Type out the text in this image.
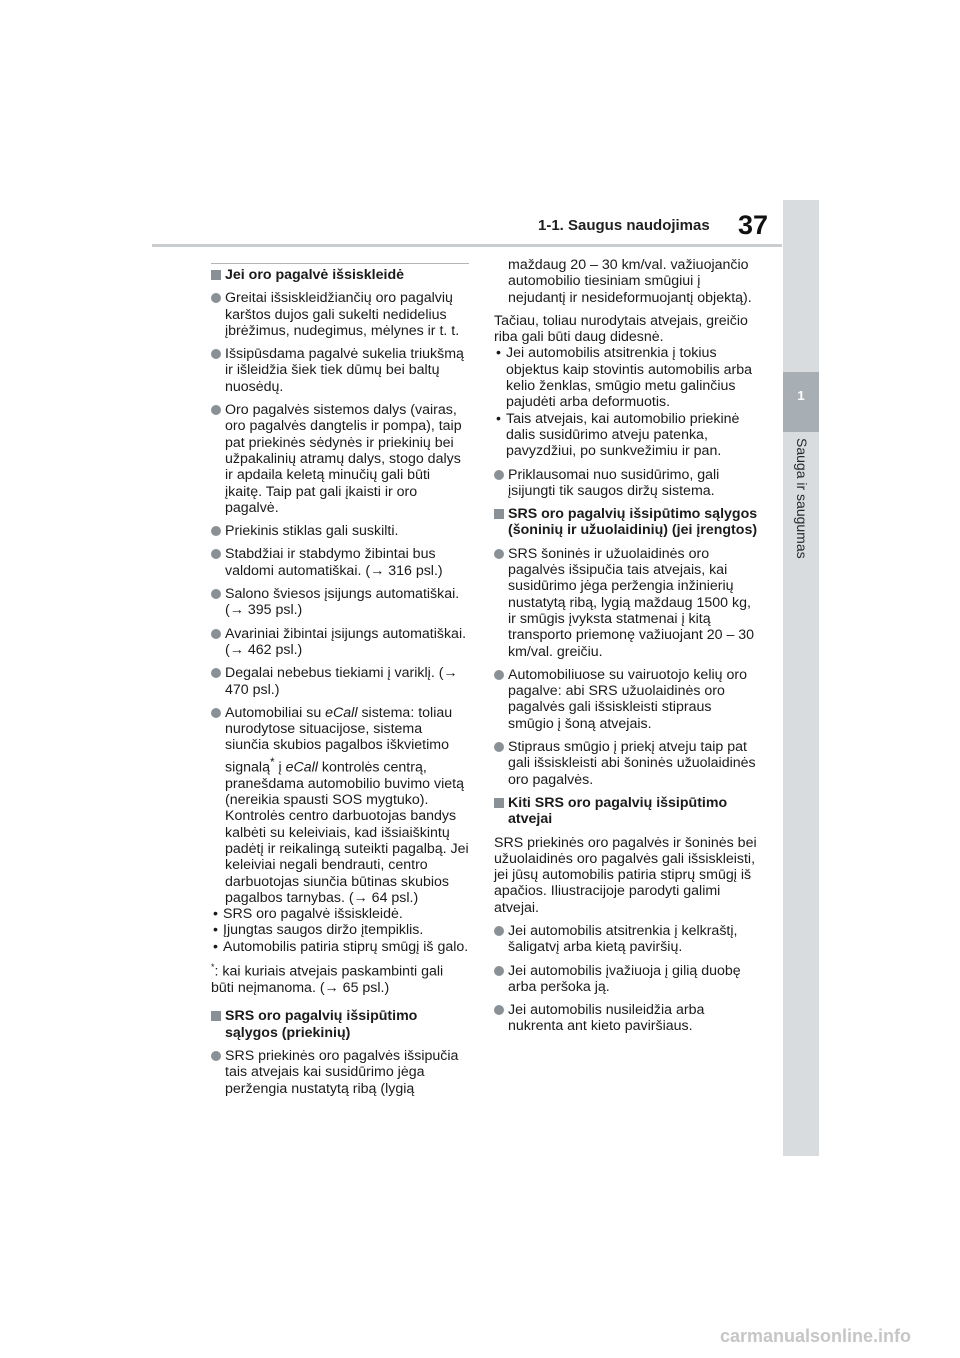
1-1. Saugus naudojimas 37
1
Sauga ir saugumas
Jei oro pagalvė išsiskleidė
Greitai išsiskleidžiančių oro pagalvių karštos dujos gali sukelti nedidelius įbrėžimus, nudegimus, mėlynes ir t. t.
Išsipūsdama pagalvė sukelia triukšmą ir išleidžia šiek tiek dūmų bei baltų nuosėdų.
Oro pagalvės sistemos dalys (vairas, oro pagalvės dangtelis ir pompa), taip pat priekinės sėdynės ir priekinių bei užpakalinių atramų dalys, stogo dalys ir apdaila keletą minučių gali būti įkaitę. Taip pat gali įkaisti ir oro pagalvė.
Priekinis stiklas gali suskilti.
Stabdžiai ir stabdymo žibintai bus valdomi automatiškai. (→ 316 psl.)
Salono šviesos įsijungs automatiškai. (→ 395 psl.)
Avariniai žibintai įsijungs automatiškai. (→ 462 psl.)
Degalai nebebus tiekiami į variklį. (→ 470 psl.)
Automobiliai su eCall sistema: toliau nurodytose situacijose, sistema siunčia skubios pagalbos iškvietimo signalą* į eCall kontrolės centrą, pranešdama automobilio buvimo vietą (nereikia spausti SOS mygtuko). Kontrolės centro darbuotojas bandys kalbėti su keleiviais, kad išsiaiškintų padėtį ir reikalingą suteikti pagalbą. Jei keleiviai negali bendrauti, centro darbuotojas siunčia būtinas skubios pagalbos tarnybas. (→ 64 psl.)
• SRS oro pagalvė išsiskleidė.
• Įjungtas saugos diržo įtempiklis.
• Automobilis patiria stiprų smūgį iš galo.
*: kai kuriais atvejais paskambinti gali būti neįmanoma. (→ 65 psl.)
SRS oro pagalvių išsipūtimo sąlygos (priekinių)
SRS priekinės oro pagalvės išsipučia tais atvejais kai susidūrimo jėga peržengia nustatytą ribą (lygią
maždaug 20 – 30 km/val. važiuojančio automobilio tiesiniam smūgiui į nejudantį ir nesideformuojantį objektą).
Tačiau, toliau nurodytais atvejais, greičio riba gali būti daug didesnė.
• Jei automobilis atsitrenkia į tokius objektus kaip stovintis automobilis arba kelio ženklas, smūgio metu galinčius pajudėti arba deformuotis.
• Tais atvejais, kai automobilio priekinė dalis susidūrimo atveju patenka, pavyzdžiui, po sunkvežimiu ir pan.
Priklausomai nuo susidūrimo, gali įsijungti tik saugos diržų sistema.
SRS oro pagalvių išsipūtimo sąlygos (šoninių ir užuolaidinių) (jei įrengtos)
SRS šoninės ir užuolaidinės oro pagalvės išsipučia tais atvejais, kai susidūrimo jėga peržengia inžinierių nustatytą ribą, lygią maždaug 1500 kg, ir smūgis įvyksta statmenai į kitą transporto priemonę važiuojant 20 – 30 km/val. greičiu.
Automobiliuose su vairuotojo kelių oro pagalve: abi SRS užuolaidinės oro pagalvės gali išsiskleisti stipraus smūgio į šoną atvejais.
Stipraus smūgio į priekį atveju taip pat gali išsiskleisti abi šoninės užuolaidinės oro pagalvės.
Kiti SRS oro pagalvių išsipūtimo atvejai
SRS priekinės oro pagalvės ir šoninės bei užuolaidinės oro pagalvės gali išsiskleisti, jei jūsų automobilis patiria stiprų smūgį iš apačios. Iliustracijoje parodyti galimi atvejai.
Jei automobilis atsitrenkia į kelkraštį, šaligatvį arba kietą paviršių.
Jei automobilis įvažiuoja į gilią duobę arba peršoka ją.
Jei automobilis nusileidžia arba nukrenta ant kieto paviršiaus.
carmanualsonline.info
